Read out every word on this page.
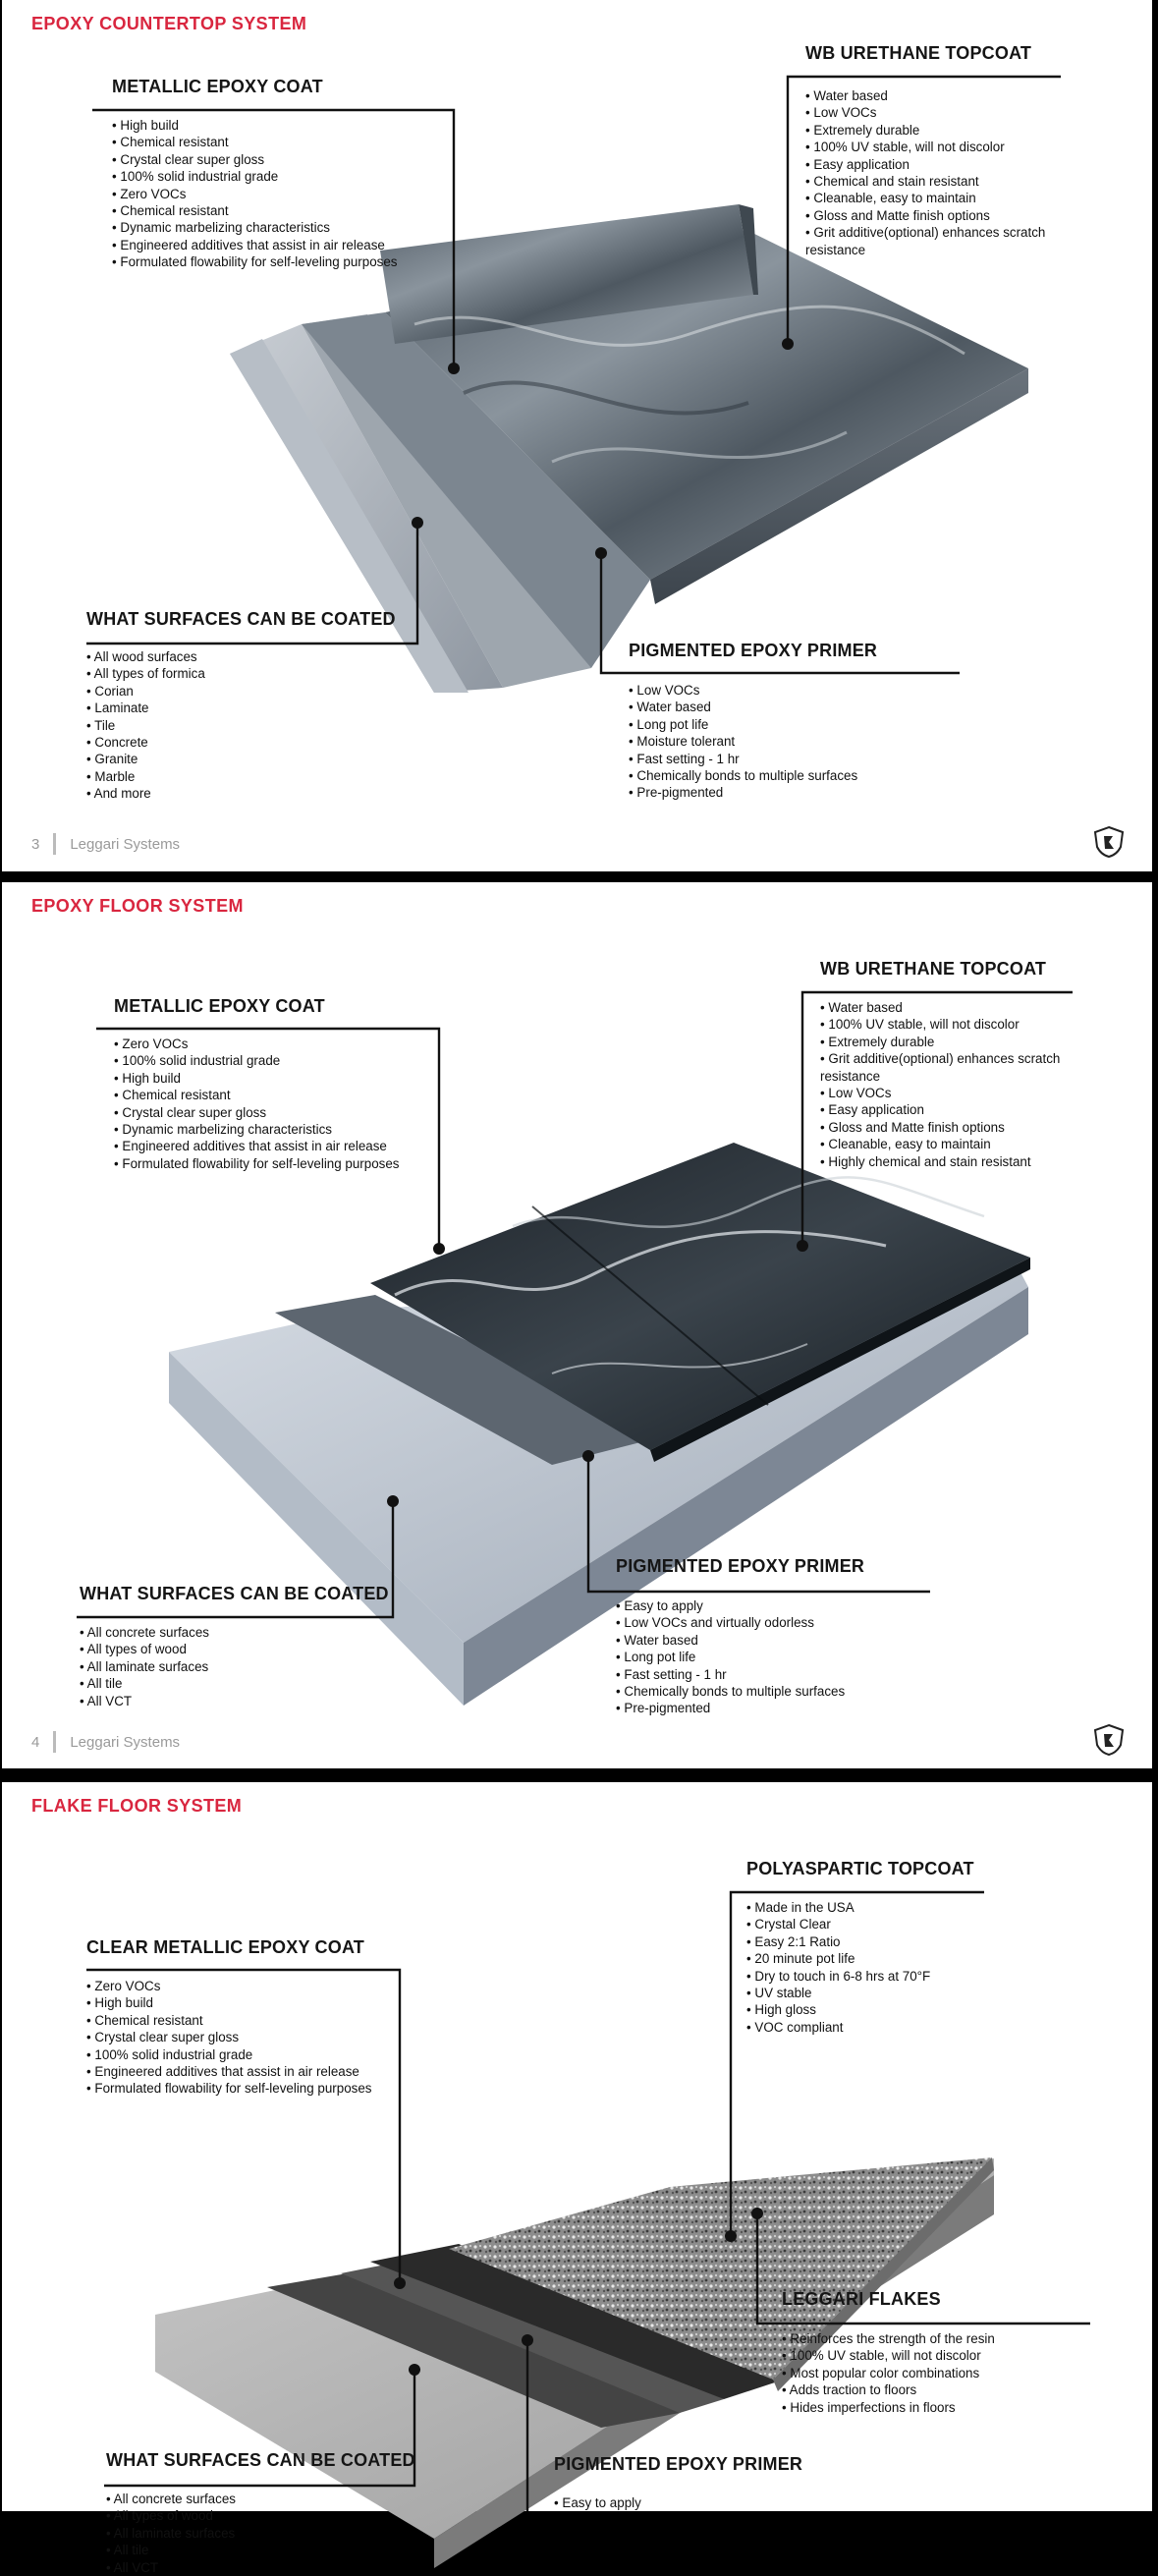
EPOXY COUNTERTOP SYSTEM
METALLIC EPOXY COAT
• High build
• Chemical resistant
• Crystal clear super gloss
• 100% solid industrial grade
• Zero VOCs
• Chemical resistant
• Dynamic marbelizing characteristics
• Engineered additives that assist in air release
• Formulated flowability for self-leveling purposes
WB URETHANE TOPCOAT
• Water based
• Low VOCs
• Extremely durable
• 100% UV stable, will not discolor
• Easy application
• Chemical and stain resistant
• Cleanable, easy to maintain
• Gloss and Matte finish options
• Grit additive(optional) enhances scratch resistance
WHAT SURFACES CAN BE COATED
• All wood surfaces
• All types of formica
• Corian
• Laminate
• Tile
• Concrete
• Granite
• Marble
• And more
PIGMENTED EPOXY PRIMER
• Low VOCs
• Water based
• Long pot life
• Moisture tolerant
• Fast setting - 1 hr
• Chemically bonds to multiple surfaces
• Pre-pigmented
3 Leggari Systems
EPOXY FLOOR SYSTEM
METALLIC EPOXY COAT
• Zero VOCs
• 100% solid industrial grade
• High build
• Chemical resistant
• Crystal clear super gloss
• Dynamic marbelizing characteristics
• Engineered additives that assist in air release
• Formulated flowability for self-leveling purposes
WB URETHANE TOPCOAT
• Water based
• 100% UV stable, will not discolor
• Extremely durable
• Grit additive(optional) enhances scratch resistance
• Low VOCs
• Easy application
• Gloss and Matte finish options
• Cleanable, easy to maintain
• Highly chemical and stain resistant
WHAT SURFACES CAN BE COATED
• All concrete surfaces
• All types of wood
• All laminate surfaces
• All tile
• All VCT
PIGMENTED EPOXY PRIMER
• Easy to apply
• Low VOCs and virtually odorless
• Water based
• Long pot life
• Fast setting - 1 hr
• Chemically bonds to multiple surfaces
• Pre-pigmented
4 Leggari Systems
FLAKE FLOOR SYSTEM
CLEAR METALLIC EPOXY COAT
• Zero VOCs
• High build
• Chemical resistant
• Crystal clear super gloss
• 100% solid industrial grade
• Engineered additives that assist in air release
• Formulated flowability for self-leveling purposes
POLYASPARTIC TOPCOAT
• Made in the USA
• Crystal Clear
• Easy 2:1 Ratio
• 20 minute pot life
• Dry to touch in 6-8 hrs at 70°F
• UV stable
• High gloss
• VOC compliant
LEGGARI FLAKES
• Reinforces the strength of the resin
• 100% UV stable, will not discolor
• Most popular color combinations
• Adds traction to floors
• Hides imperfections in floors
WHAT SURFACES CAN BE COATED
• All concrete surfaces
• All types of wood
• All laminate surfaces
• All tile
• All VCT
PIGMENTED EPOXY PRIMER
• Easy to apply
